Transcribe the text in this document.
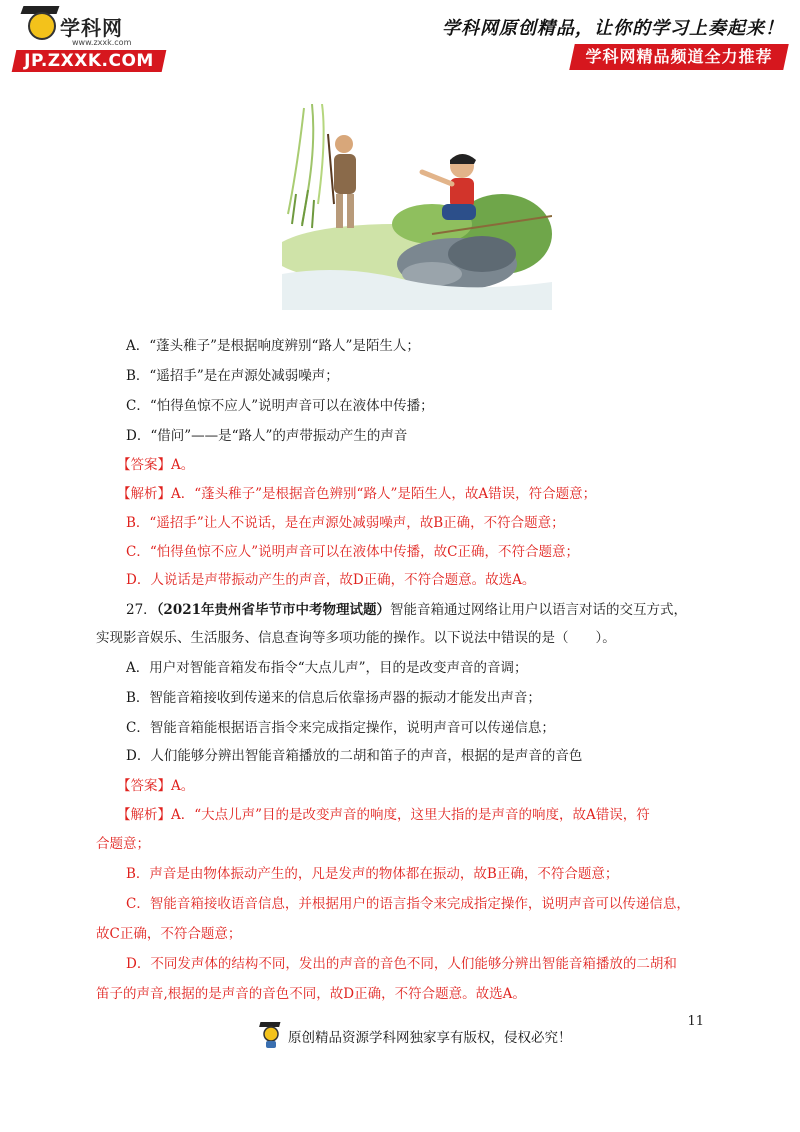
学科网
www.zxxk.com
JP.ZXXK.COM
学科网原创精品，让你的学习上奏起来！
学科网精品频道全力推荐
A．“蓬头稚子”是根据响度辨别“路人”是陌生人；
B．“遥招手”是在声源处减弱噪声；
C．“怕得鱼惊不应人”说明声音可以在液体中传播；
D．“借问”——是“路人”的声带振动产生的声音
【答案】A。
【解析】A．“蓬头稚子”是根据音色辨别“路人”是陌生人，故A错误，符合题意；
B．“遥招手”让人不说话，是在声源处减弱噪声，故B正确，不符合题意；
C．“怕得鱼惊不应人”说明声音可以在液体中传播，故C正确，不符合题意；
D．人说话是声带振动产生的声音，故D正确，不符合题意。故选A。
27．（2021年贵州省毕节市中考物理试题）智能音箱通过网络让用户以语言对话的交互方式，
实现影音娱乐、生活服务、信息查询等多项功能的操作。以下说法中错误的是（　　）。
A．用户对智能音箱发布指令“大点儿声”，目的是改变声音的音调；
B．智能音箱接收到传递来的信息后依靠扬声器的振动才能发出声音；
C．智能音箱能根据语言指令来完成指定操作，说明声音可以传递信息；
D．人们能够分辨出智能音箱播放的二胡和笛子的声音，根据的是声音的音色
【答案】A。
【解析】A．“大点儿声”目的是改变声音的响度，这里大指的是声音的响度，故A错误，符
合题意；
B．声音是由物体振动产生的，凡是发声的物体都在振动，故B正确，不符合题意；
C．智能音箱接收语音信息，并根据用户的语言指令来完成指定操作，说明声音可以传递信息，
故C正确，不符合题意；
D．不同发声体的结构不同，发出的声音的音色不同，人们能够分辨出智能音箱播放的二胡和
笛子的声音,根据的是声音的音色不同，故D正确，不符合题意。故选A。
11
原创精品资源学科网独家享有版权，侵权必究！
